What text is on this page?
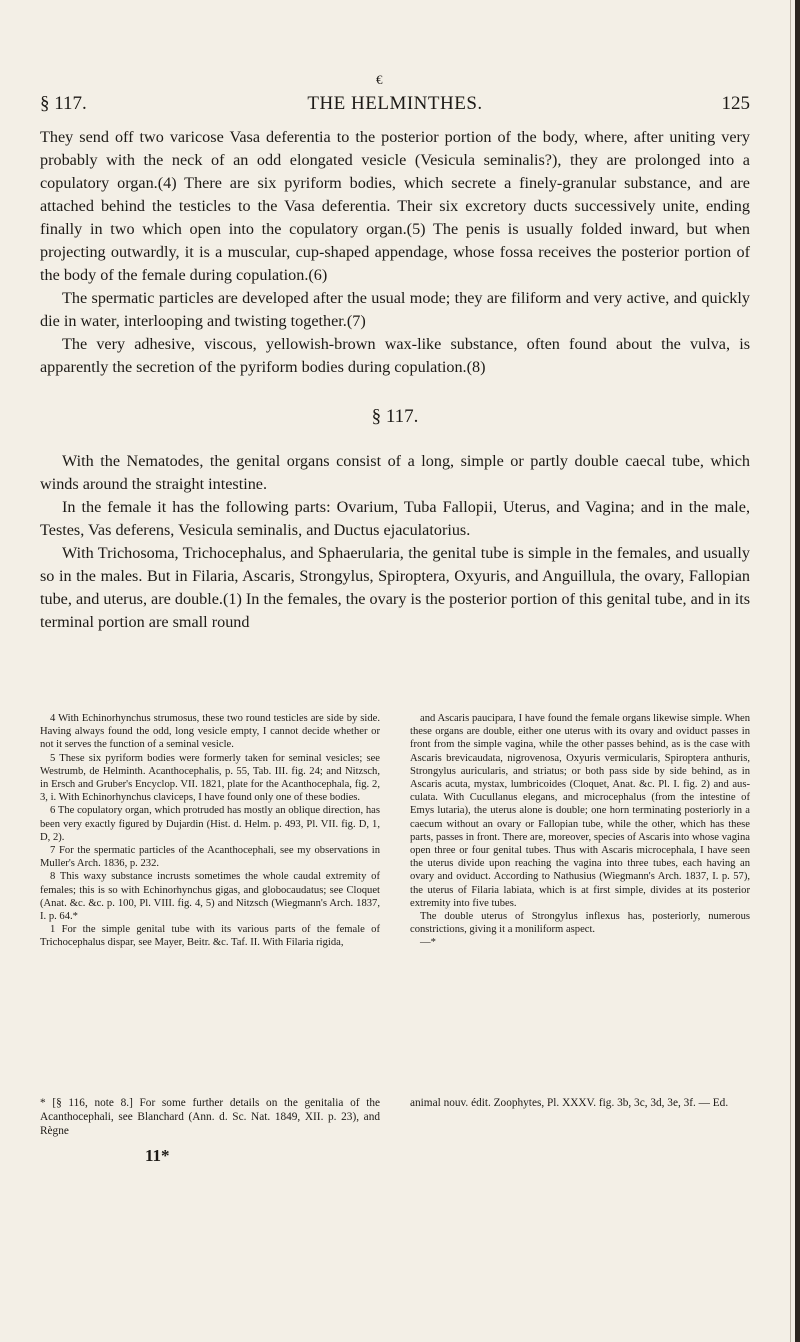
€
§ 117.	THE HELMINTHES.	125

They send off two varicose Vasa deferentia to the posterior portion of the body, where, after uniting very probably with the neck of an odd elongated vesicle (Vesicula seminalis?), they are prolonged into a copulatory organ.(4) There are six pyriform bodies, which secrete a finely-granular substance, and are attached behind the testicles to the Vasa deferentia. Their six excretory ducts successively unite, ending finally in two which open into the copulatory organ.(5) The penis is usually folded inward, but when projecting outwardly, it is a muscular, cup-shaped appendage, whose fossa receives the posterior portion of the body of the female during copulation.(6)

The spermatic particles are developed after the usual mode; they are filiform and very active, and quickly die in water, interlooping and twisting together.(7)

The very adhesive, viscous, yellowish-brown wax-like substance, often found about the vulva, is apparently the secretion of the pyriform bodies during copulation.(8)

§ 117.

With the Nematodes, the genital organs consist of a long, simple or partly double caecal tube, which winds around the straight intestine.

In the female it has the following parts: Ovarium, Tuba Fallopii, Uterus, and Vagina; and in the male, Testes, Vas deferens, Vesicula seminalis, and Ductus ejaculatorius.

With Trichosoma, Trichocephalus, and Sphaerularia, the genital tube is simple in the females, and usually so in the males. But in Filaria, Ascaris, Strongylus, Spiroptera, Oxyuris, and Anguillula, the ovary, Fallopian tube, and uterus, are double.(1) In the females, the ovary is the posterior portion of this genital tube, and in its terminal portion are small round

4 With Echinorhynchus strumosus, these two round testicles are side by side. Having always found the odd, long vesicle empty, I cannot decide whether or not it serves the function of a seminal vesicle.

5 These six pyriform bodies were formerly taken for seminal vesicles; see Westrumb, de Helminth. Acanthocephalis, p. 55, Tab. III. fig. 24; and Nitzsch, in Ersch and Gruber's Encyclop. VII. 1821, plate for the Acanthocephala, fig. 2, 3, i. With Echinorhynchus claviceps, I have found only one of these bodies.

6 The copulatory organ, which protruded has mostly an oblique direction, has been very exactly figured by Dujardin (Hist. d. Helm. p. 493, Pl. VII. fig. D, 1, D, 2).

7 For the spermatic particles of the Acanthocephali, see my observations in Muller's Arch. 1836, p. 232.

8 This waxy substance incrusts sometimes the whole caudal extremity of females; this is so with Echinorhynchus gigas, and globocaudatus; see Cloquet (Anat. &c. &c. p. 100, Pl. VIII. fig. 4, 5) and Nitzsch (Wiegmann's Arch. 1837, I. p. 64.*

1 For the simple genital tube with its various parts of the female of Trichocephalus dispar, see Mayer, Beitr. &c. Taf. II. With Filaria rigida,

and Ascaris paucipara, I have found the female organs likewise simple. When these organs are double, either one uterus with its ovary and oviduct passes in front from the simple vagina, while the other passes behind, as is the case with Ascaris brevicaudata, nigrovenosa, Oxyuris vermicularis, Spiroptera anthuris, Strongylus auricularis, and striatus; or both pass side by side behind, as in Ascaris acuta, mystax, lumbricoides (Cloquet, Anat. &c. Pl. I. fig. 2) and aus-culata. With Cucullanus elegans, and microcephalus (from the intestine of Emys lutaria), the uterus alone is double; one horn terminating posteriorly in a caecum without an ovary or Fallopian tube, while the other, which has these parts, passes in front. There are, moreover, species of Ascaris into whose vagina open three or four genital tubes. Thus with Ascaris microcephala, I have seen the uterus divide upon reaching the vagina into three tubes, each having an ovary and oviduct. According to Nathusius (Wiegmann's Arch. 1837, I. p. 57), the uterus of Filaria labiata, which is at first simple, divides at its posterior extremity into five tubes.

The double uterus of Strongylus inflexus has, posteriorly, numerous constrictions, giving it a moniliform aspect.

—*

* [§ 116, note 8.] For some further details on the genitalia of the Acanthocephali, see Blanchard (Ann. d. Sc. Nat. 1849, XII. p. 23), and Règne

animal nouv. édit. Zoophytes, Pl. XXXV. fig. 3b, 3c, 3d, 3e, 3f. — Ed.

11*
